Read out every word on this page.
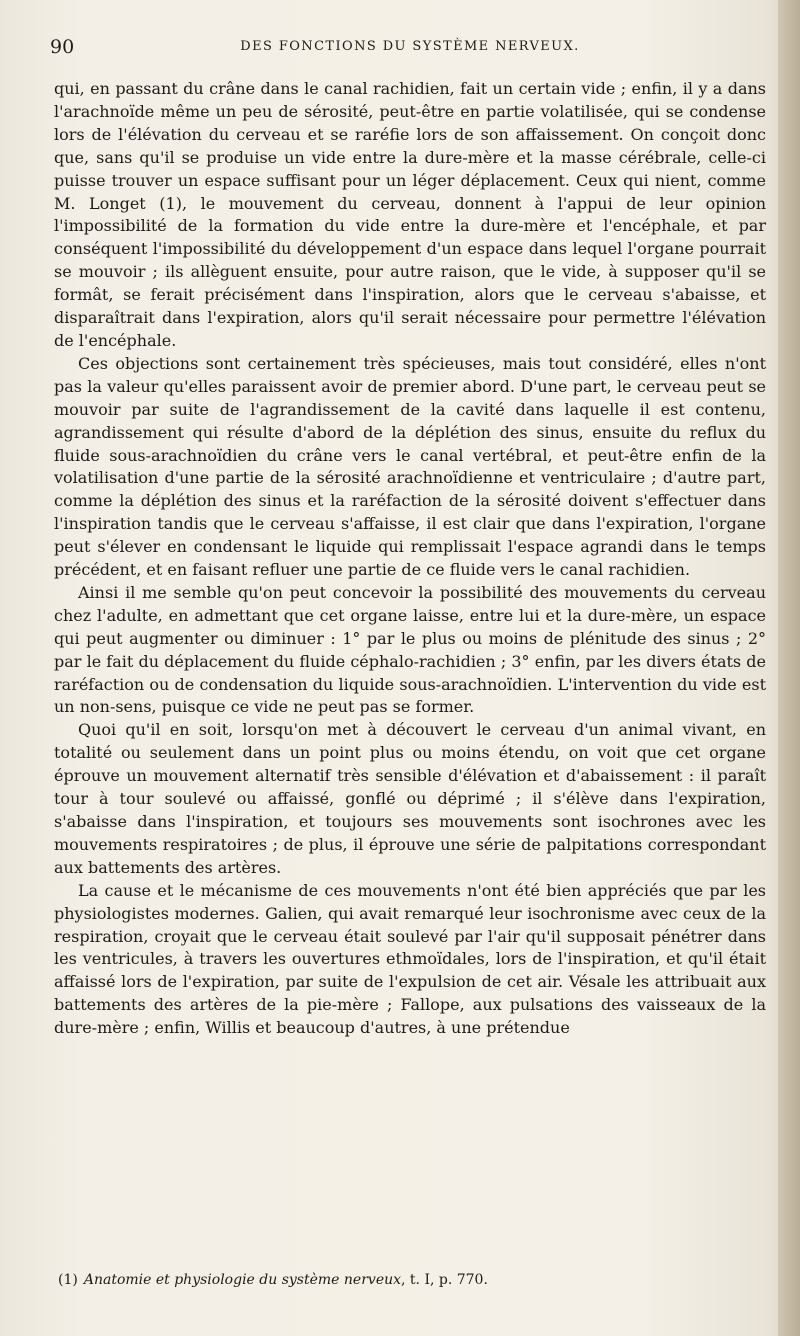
90	DES FONCTIONS DU SYSTÈME NERVEUX.

qui, en passant du crâne dans le canal rachidien, fait un certain vide ; enfin, il y a dans l'arachnoïde même un peu de sérosité, peut-être en partie volatilisée, qui se condense lors de l'élévation du cerveau et se raréfie lors de son affaissement. On conçoit donc que, sans qu'il se produise un vide entre la dure-mère et la masse cérébrale, celle-ci puisse trouver un espace suffisant pour un léger déplacement. Ceux qui nient, comme M. Longet (1), le mouvement du cerveau, donnent à l'appui de leur opinion l'impossibilité de la formation du vide entre la dure-mère et l'encéphale, et par conséquent l'impossibilité du développement d'un espace dans lequel l'organe pourrait se mouvoir ; ils allèguent ensuite, pour autre raison, que le vide, à supposer qu'il se formât, se ferait précisément dans l'inspiration, alors que le cerveau s'abaisse, et disparaîtrait dans l'expiration, alors qu'il serait nécessaire pour permettre l'élévation de l'encéphale.

Ces objections sont certainement très spécieuses, mais tout considéré, elles n'ont pas la valeur qu'elles paraissent avoir de premier abord. D'une part, le cerveau peut se mouvoir par suite de l'agrandissement de la cavité dans laquelle il est contenu, agrandissement qui résulte d'abord de la déplétion des sinus, ensuite du reflux du fluide sous-arachnoïdien du crâne vers le canal vertébral, et peut-être enfin de la volatilisation d'une partie de la sérosité arachnoïdienne et ventriculaire ; d'autre part, comme la déplétion des sinus et la raréfaction de la sérosité doivent s'effectuer dans l'inspiration tandis que le cerveau s'affaisse, il est clair que dans l'expiration, l'organe peut s'élever en condensant le liquide qui remplissait l'espace agrandi dans le temps précédent, et en faisant refluer une partie de ce fluide vers le canal rachidien.

Ainsi il me semble qu'on peut concevoir la possibilité des mouvements du cerveau chez l'adulte, en admettant que cet organe laisse, entre lui et la dure-mère, un espace qui peut augmenter ou diminuer : 1° par le plus ou moins de plénitude des sinus ; 2° par le fait du déplacement du fluide céphalo-rachidien ; 3° enfin, par les divers états de raréfaction ou de condensation du liquide sous-arachnoïdien. L'intervention du vide est un non-sens, puisque ce vide ne peut pas se former.

Quoi qu'il en soit, lorsqu'on met à découvert le cerveau d'un animal vivant, en totalité ou seulement dans un point plus ou moins étendu, on voit que cet organe éprouve un mouvement alternatif très sensible d'élévation et d'abaissement : il paraît tour à tour soulevé ou affaissé, gonflé ou déprimé ; il s'élève dans l'expiration, s'abaisse dans l'inspiration, et toujours ses mouvements sont isochrones avec les mouvements respiratoires ; de plus, il éprouve une série de palpitations correspondant aux battements des artères.

La cause et le mécanisme de ces mouvements n'ont été bien appréciés que par les physiologistes modernes. Galien, qui avait remarqué leur isochronisme avec ceux de la respiration, croyait que le cerveau était soulevé par l'air qu'il supposait pénétrer dans les ventricules, à travers les ouvertures ethmoïdales, lors de l'inspiration, et qu'il était affaissé lors de l'expiration, par suite de l'expulsion de cet air. Vésale les attribuait aux battements des artères de la pie-mère ; Fallope, aux pulsations des vaisseaux de la dure-mère ; enfin, Willis et beaucoup d'autres, à une prétendue

(1) Anatomie et physiologie du système nerveux, t. I, p. 770.
